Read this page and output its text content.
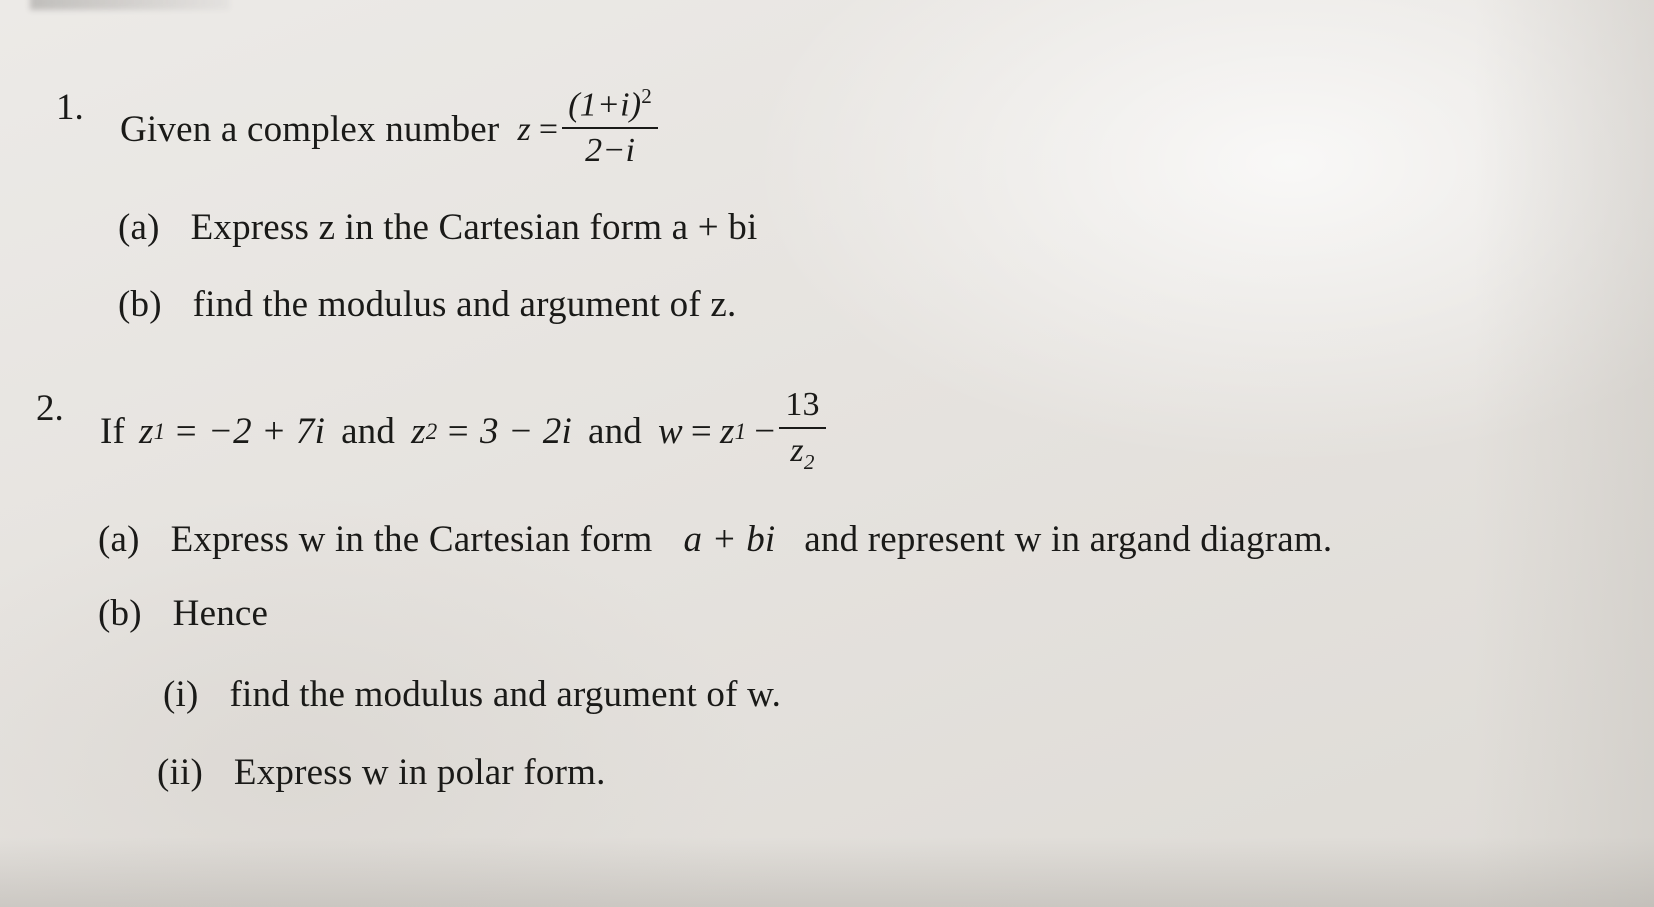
1.
Given a complex number $z = \frac{(1+i)^2}{2-i}$
(a) Express z in the Cartesian form a + bi
(b) find the modulus and argument of z.
2.
If z 1 = −2 + 7i and z 2 = 3 − 2i and w = z $1 - \frac{13}{z_2}$
(a) Express w in the Cartesian form a + bi and represent w in argand diagram.
(b) Hence
(i) find the modulus and argument of w.
(ii) Express w in polar form.
